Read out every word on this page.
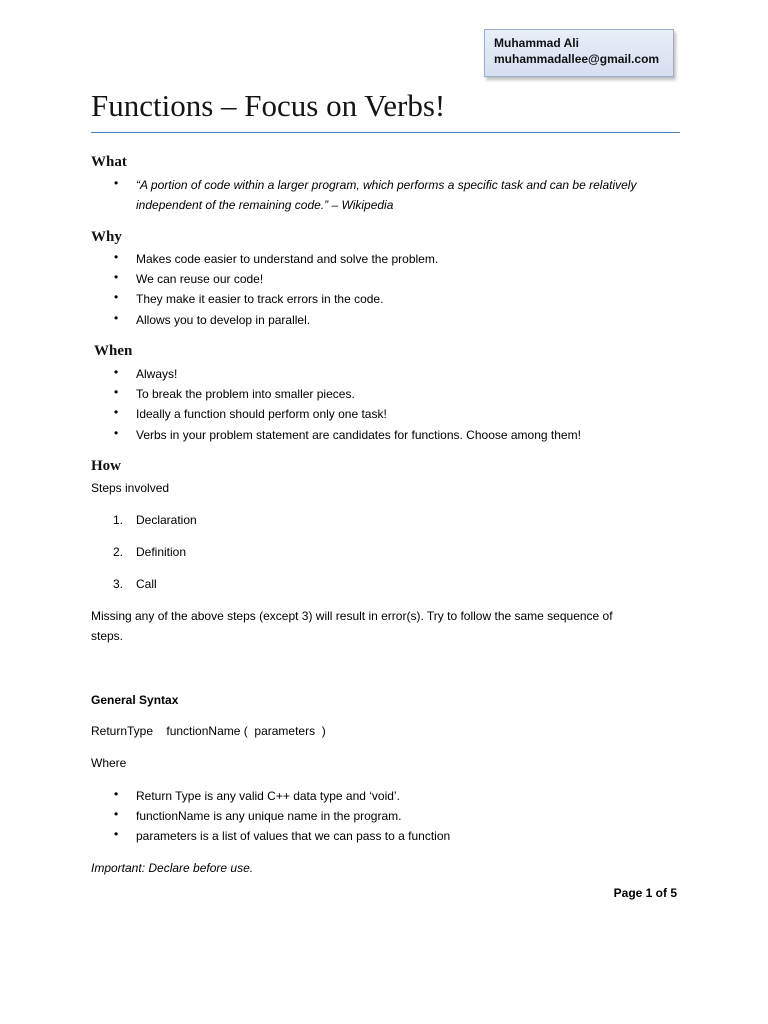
Muhammad Ali
muhammadallee@gmail.com
Functions – Focus on Verbs!
What
• “A portion of code within a larger program, which performs a specific task and can be relatively
independent of the remaining code.” – Wikipedia
Why
• Makes code easier to understand and solve the problem.
• We can reuse our code!
• They make it easier to track errors in the code.
• Allows you to develop in parallel.
When
• Always!
• To break the problem into smaller pieces.
• Ideally a function should perform only one task!
• Verbs in your problem statement are candidates for functions. Choose among them!
How
Steps involved
1. Declaration
2. Definition
3. Call
Missing any of the above steps (except 3) will result in error(s). Try to follow the same sequence of
steps.
General Syntax
ReturnType    functionName (  parameters  )
Where
• Return Type is any valid C++ data type and ‘void’.
• functionName is any unique name in the program.
• parameters is a list of values that we can pass to a function
Important: Declare before use.
Page 1 of 5
